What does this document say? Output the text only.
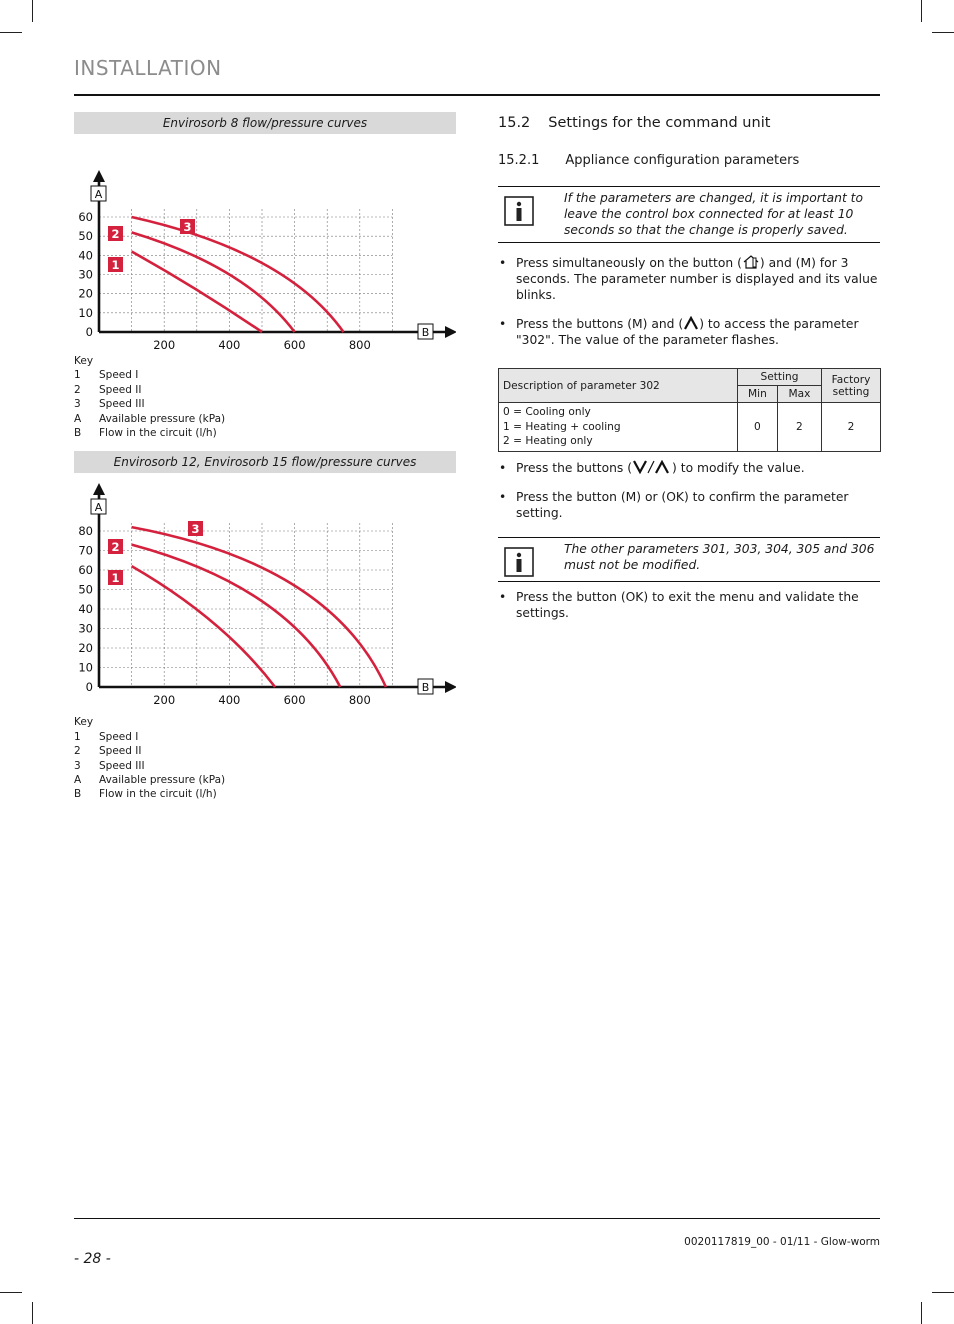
INSTALLATION
Envirosorb 8 flow/pressure curves
60
50
40
30
20
10
0
200	400	600	800
A
B
1
2	3
Key
1	Speed I
2	Speed II
3	Speed III
A	Available pressure (kPa)
B	Flow in the circuit (l/h)
Envirosorb 12, Envirosorb 15 flow/pressure curves
80
70
60
50
40
30
20
10
0
200	400	600	800
A
B
1
2
3
Key
1	Speed I
2	Speed II
3	Speed III
A	Available pressure (kPa)
B	Flow in the circuit (l/h)
15.2 Settings for the command unit
15.2.1 Appliance configuration parameters
If the parameters are changed, it is important to leave the control box connected for at least 10 seconds so that the change is properly saved.
• Press simultaneously on the button ( ) and (M) for 3 seconds. The parameter number is displayed and its value blinks.
• Press the buttons (M) and ( ) to access the parameter "302". The value of the parameter flashes.
Description of parameter 302	Setting		Factory setting
	Min	Max	

0 = Cooling only
1 = Heating + cooling
2 = Heating only	0	2	2
• Press the buttons (	) to modify the value.
• Press the button (M) or (OK) to confirm the parameter setting.
The other parameters 301, 303, 304, 305 and 306 must not be modified.
• Press the button (OK) to exit the menu and validate the settings.
0020117819_00 - 01/11 - Glow-worm
- 28 -
